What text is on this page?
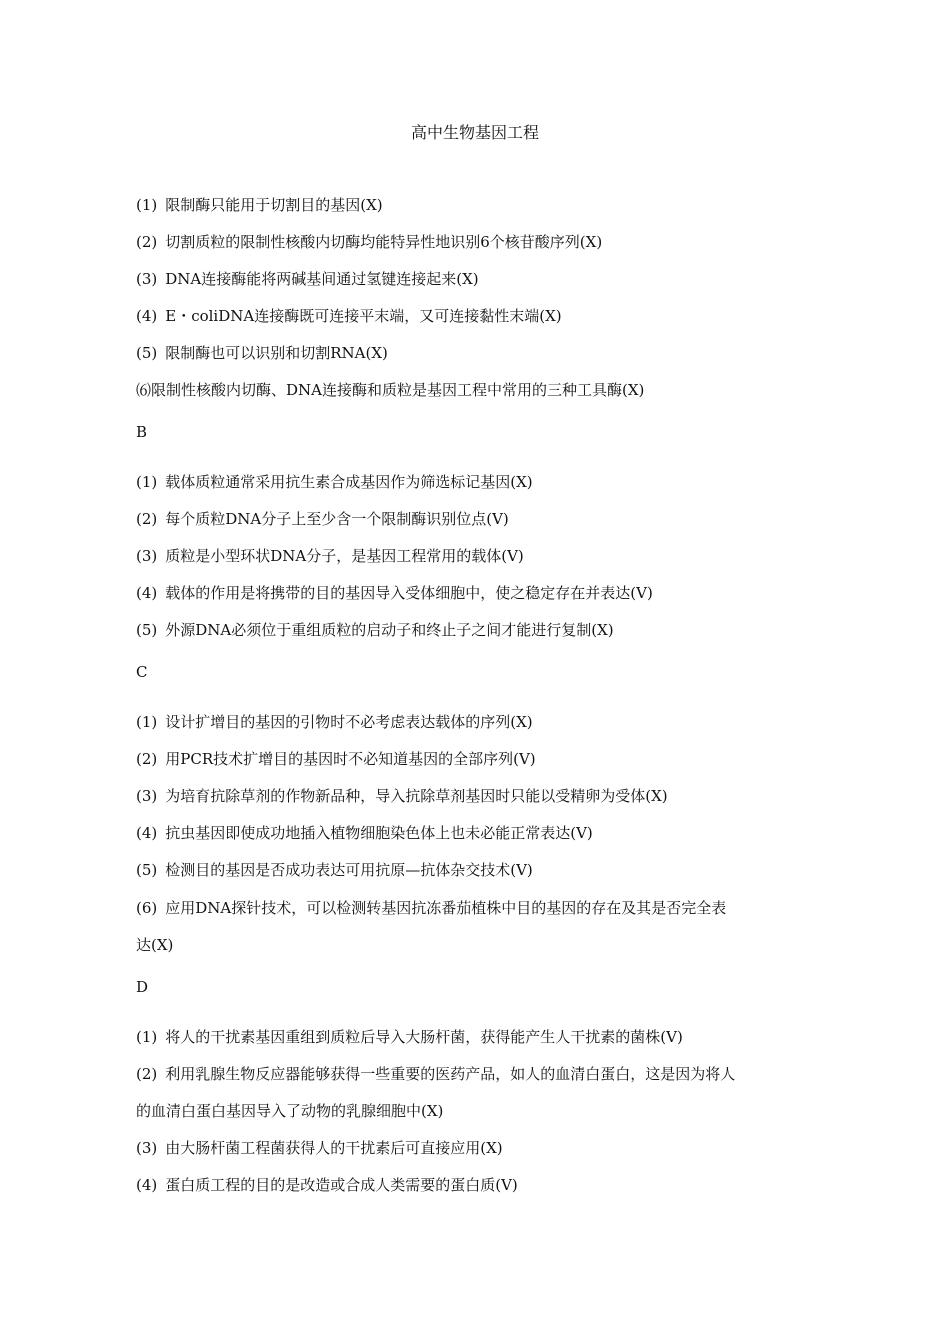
高中生物基因工程
(1) 限制酶只能用于切割目的基因(X)
(2) 切割质粒的限制性核酸内切酶均能特异性地识别6个核苷酸序列(X)
(3) DNA连接酶能将两碱基间通过氢键连接起来(X)
(4) E・coliDNA连接酶既可连接平末端，又可连接黏性末端(X)
(5) 限制酶也可以识别和切割RNA(X)
⑹限制性核酸内切酶、DNA连接酶和质粒是基因工程中常用的三种工具酶(X)
B
(1) 载体质粒通常采用抗生素合成基因作为筛选标记基因(X)
(2) 每个质粒DNA分子上至少含一个限制酶识别位点(V)
(3) 质粒是小型环状DNA分子，是基因工程常用的载体(V)
(4) 载体的作用是将携带的目的基因导入受体细胞中，使之稳定存在并表达(V)
(5) 外源DNA必须位于重组质粒的启动子和终止子之间才能进行复制(X)
C
(1) 设计扩增目的基因的引物时不必考虑表达载体的序列(X)
(2) 用PCR技术扩增目的基因时不必知道基因的全部序列(V)
(3) 为培育抗除草剂的作物新品种，导入抗除草剂基因时只能以受精卵为受体(X)
(4) 抗虫基因即使成功地插入植物细胞染色体上也未必能正常表达(V)
(5) 检测目的基因是否成功表达可用抗原—抗体杂交技术(V)
(6) 应用DNA探针技术，可以检测转基因抗冻番茄植株中目的基因的存在及其是否完全表
达(X)
D
(1) 将人的干扰素基因重组到质粒后导入大肠杆菌，获得能产生人干扰素的菌株(V)
(2) 利用乳腺生物反应器能够获得一些重要的医药产品，如人的血清白蛋白，这是因为将人
的血清白蛋白基因导入了动物的乳腺细胞中(X)
(3) 由大肠杆菌工程菌获得人的干扰素后可直接应用(X)
(4) 蛋白质工程的目的是改造或合成人类需要的蛋白质(V)
